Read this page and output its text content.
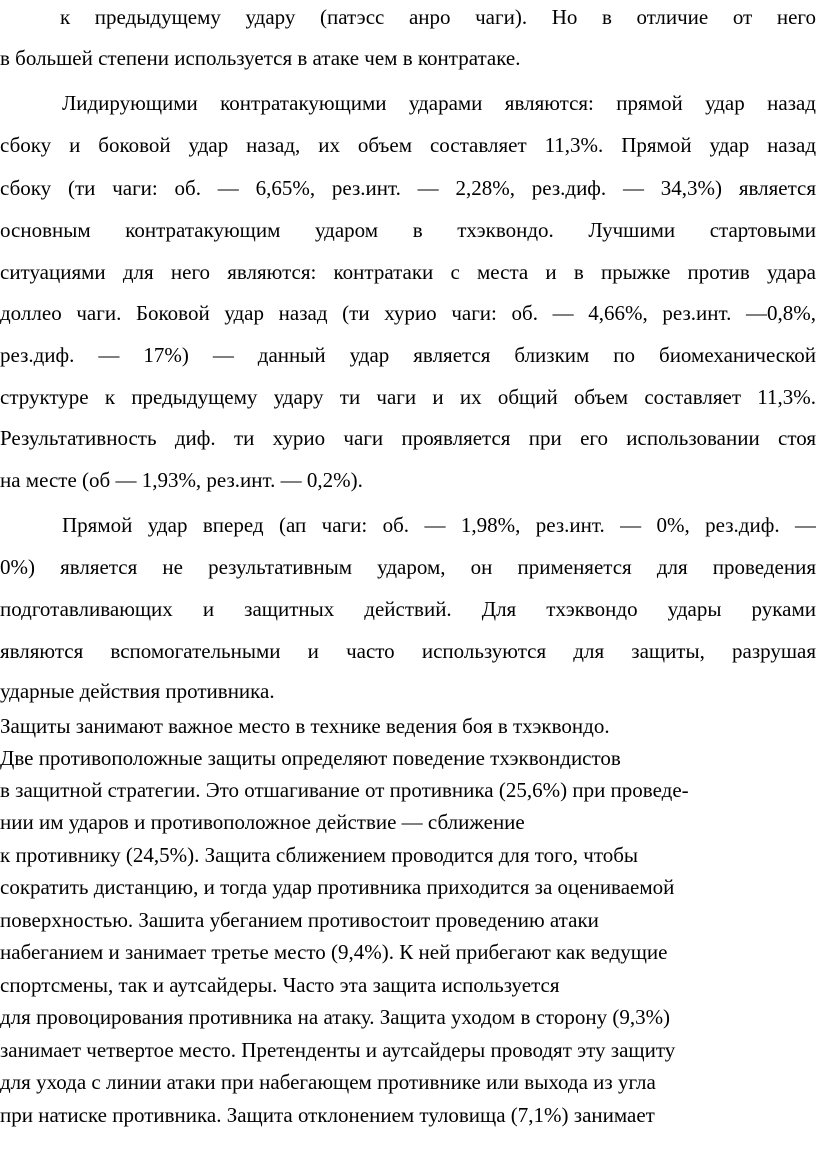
к предыдущему удару (патэсс анро чаги). Но в отличие от него
в большей степени используется в атаке чем в контратаке.
Лидирующими контратакующими ударами являются: прямой удар назад
сбоку и боковой удар назад, их объем составляет 11,3%. Прямой удар назад
сбоку (ти чаги: об. — 6,65%, рез.инт. — 2,28%, рез.диф. — 34,3%) является
основным контратакующим ударом в тхэквондо. Лучшими стартовыми
ситуациями для него являются: контратаки с места и в прыжке против удара
доллео чаги. Боковой удар назад (ти хурио чаги: об. — 4,66%, рез.инт. —0,8%,
рез.диф. — 17%) — данный удар является близким по биомеханической
структуре к предыдущему удару ти чаги и их общий объем составляет 11,3%.
Результативность диф. ти хурио чаги проявляется при его использовании стоя
на месте (об — 1,93%, рез.инт. — 0,2%).
Прямой удар вперед (ап чаги: об. — 1,98%, рез.инт. — 0%, рез.диф. —
0%) является не результативным ударом, он применяется для проведения
подготавливающих и защитных действий. Для тхэквондо удары руками
являются вспомогательными и часто используются для защиты, разрушая
ударные действия противника.
Защиты занимают важное место в технике ведения боя в тхэквондо.
Две противоположные защиты определяют поведение тхэквондистов
в защитной стратегии. Это отшагивание от противника (25,6%) при проведе-
нии им ударов и противоположное действие — сближение
к противнику (24,5%). Защита сближением проводится для того, чтобы
сократить дистанцию, и тогда удар противника приходится за оцениваемой
поверхностью. Зашита убеганием противостоит проведению атаки
набеганием и занимает третье место (9,4%). К ней прибегают как ведущие
спортсмены, так и аутсайдеры. Часто эта защита используется
для провоцирования противника на атаку. Защита уходом в сторону (9,3%)
занимает четвертое место. Претенденты и аутсайдеры проводят эту защиту
для ухода с линии атаки при набегающем противнике или выхода из угла
при натиске противника. Защита отклонением туловища (7,1%) занимает
